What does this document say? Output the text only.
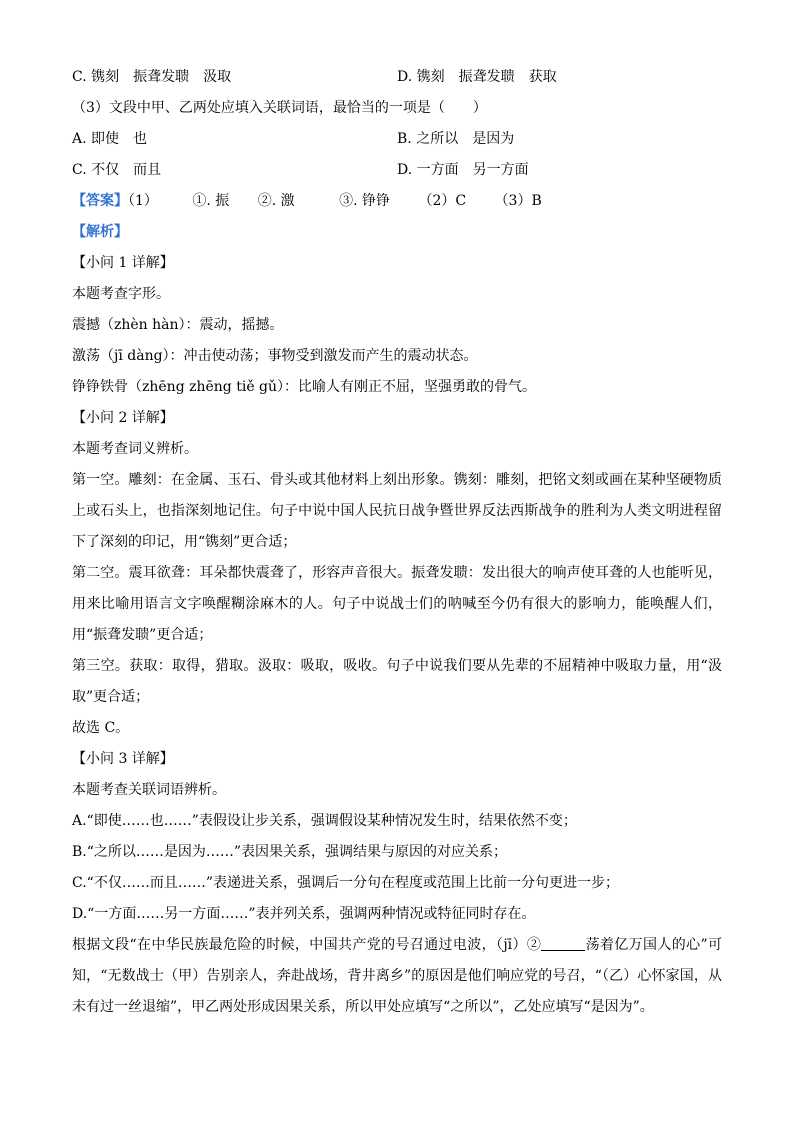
C. 镌刻　振聋发聩　汲取	D. 镌刻　振聋发聩　获取
（3）文段中甲、乙两处应填入关联词语，最恰当的一项是（　　）
A. 即使　也	B. 之所以　是因为
C. 不仅　而且	D. 一方面　另一方面
【答案】（1） ①. 振 ②. 激	③. 铮铮 （2）C （3）B
【解析】
【小问 1 详解】
本题考查字形。
震撼（zhèn hàn）：震动，摇撼。
激荡（jī dàng）：冲击使动荡；事物受到激发而产生的震动状态。
铮铮铁骨（zhēng zhēng tiě gǔ）：比喻人有刚正不屈，坚强勇敢的骨气。
【小问 2 详解】
本题考查词义辨析。
第一空。雕刻：在金属、玉石、骨头或其他材料上刻出形象。镌刻：雕刻，把铭文刻或画在某种坚硬物质上或石头上，也指深刻地记住。句子中说中国人民抗日战争暨世界反法西斯战争的胜利为人类文明进程留下了深刻的印记，用“镌刻”更合适；
第二空。震耳欲聋：耳朵都快震聋了，形容声音很大。振聋发聩：发出很大的响声使耳聋的人也能听见，用来比喻用语言文字唤醒糊涂麻木的人。句子中说战士们的呐喊至今仍有很大的影响力，能唤醒人们，用“振聋发聩”更合适；
第三空。获取：取得，猎取。汲取：吸取，吸收。句子中说我们要从先辈的不屈精神中吸取力量，用“汲取”更合适；
故选 C。
【小问 3 详解】
本题考查关联词语辨析。
A.“即使……也……”表假设让步关系，强调假设某种情况发生时，结果依然不变；
B.“之所以……是因为……”表因果关系，强调结果与原因的对应关系；
C.“不仅……而且……”表递进关系，强调后一分句在程度或范围上比前一分句更进一步；
D.“一方面……另一方面……”表并列关系，强调两种情况或特征同时存在。
根据文段“在中华民族最危险的时候，中国共产党的号召通过电波，（jī）②	荡着亿万国人的心”可知，“无数战士（甲）告别亲人，奔赴战场，背井离乡”的原因是他们响应党的号召，“（乙）心怀家国，从未有过一丝退缩”，甲乙两处形成因果关系，所以甲处应填写“之所以”，乙处应填写“是因为”。
